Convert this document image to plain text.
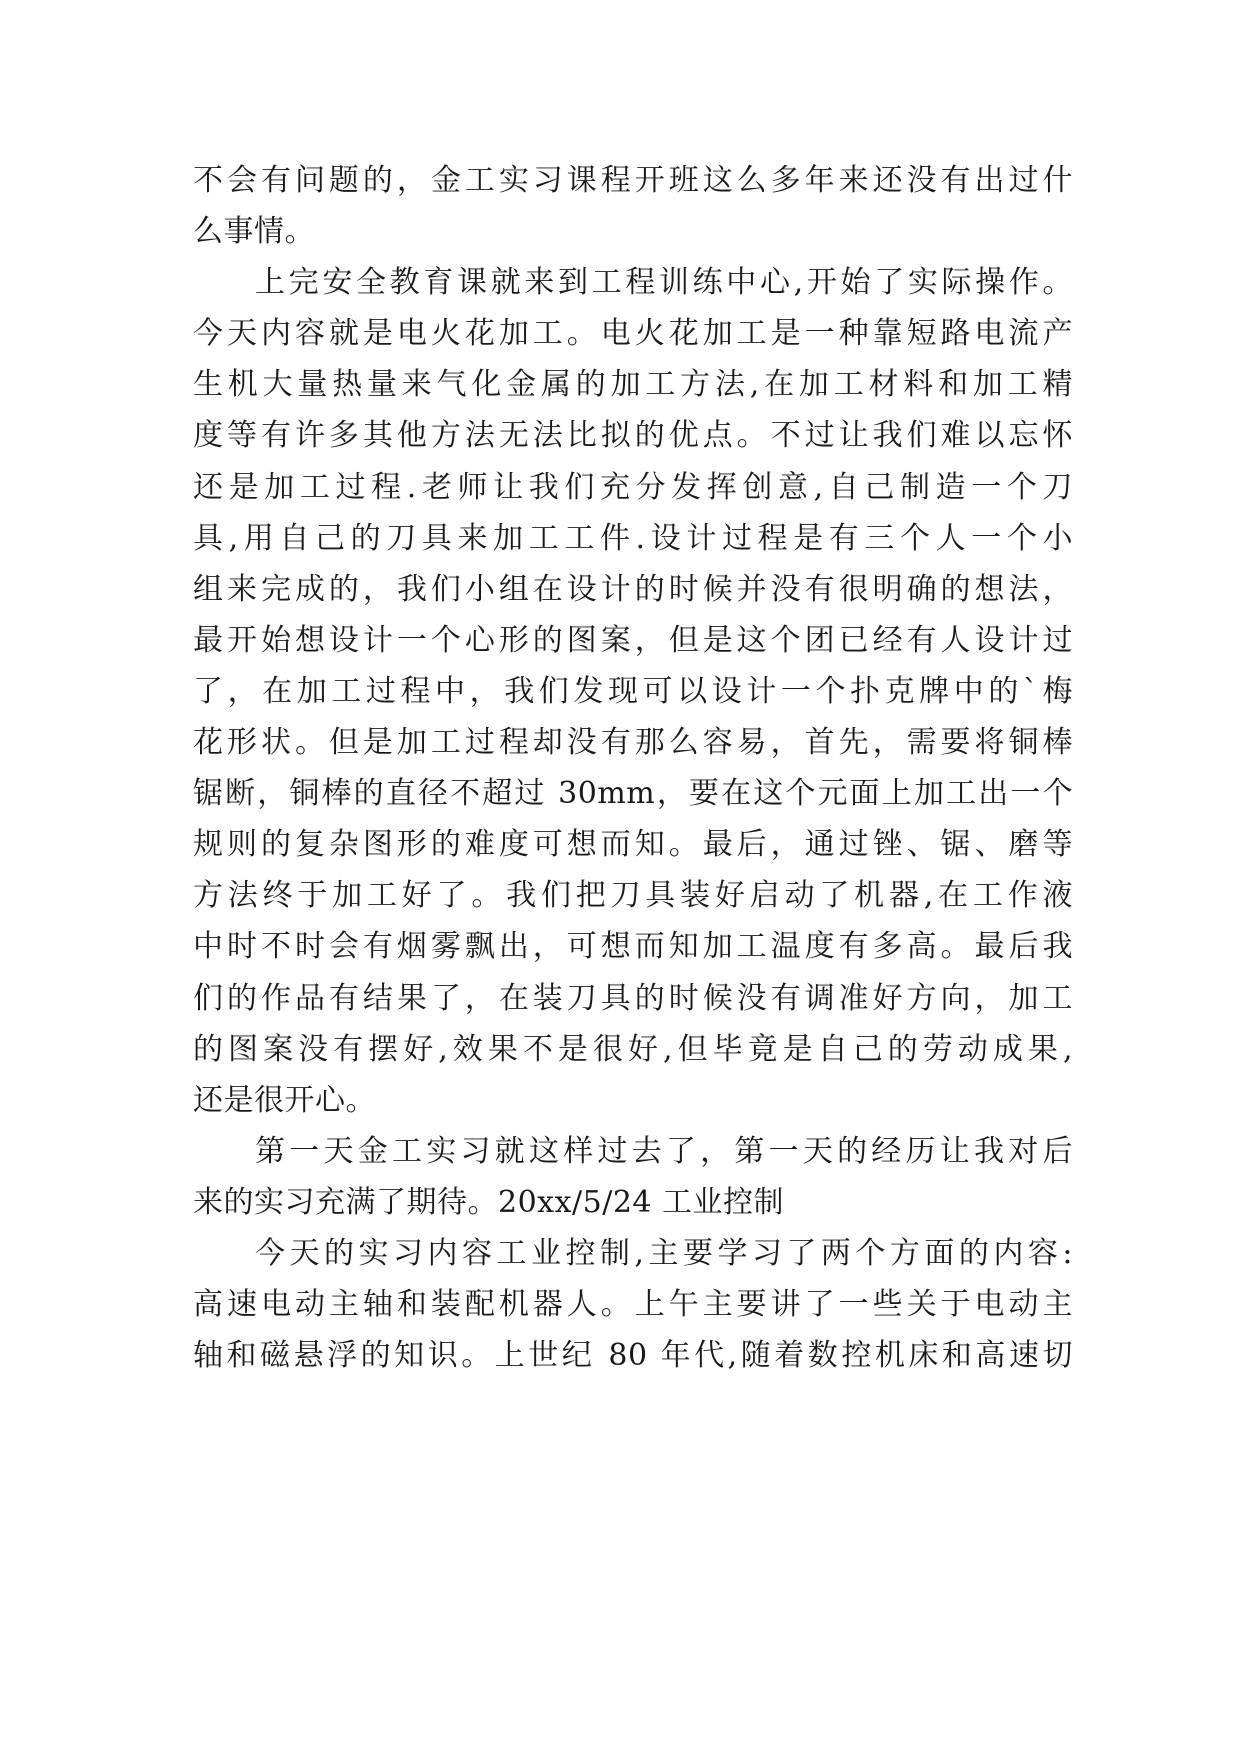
不会有问题的，金工实习课程开班这么多年来还没有出过什
么事情。
上完安全教育课就来到工程训练中心,开始了实际操作。
今天内容就是电火花加工。电火花加工是一种靠短路电流产
生机大量热量来气化金属的加工方法,在加工材料和加工精
度等有许多其他方法无法比拟的优点。不过让我们难以忘怀
还是加工过程.老师让我们充分发挥创意,自己制造一个刀
具,用自己的刀具来加工工件.设计过程是有三个人一个小
组来完成的，我们小组在设计的时候并没有很明确的想法，
最开始想设计一个心形的图案，但是这个团已经有人设计过
了，在加工过程中，我们发现可以设计一个扑克牌中的`梅
花形状。但是加工过程却没有那么容易，首先，需要将铜棒
锯断，铜棒的直径不超过 30mm，要在这个元面上加工出一个
规则的复杂图形的难度可想而知。最后，通过锉、锯、磨等
方法终于加工好了。我们把刀具装好启动了机器,在工作液
中时不时会有烟雾飘出，可想而知加工温度有多高。最后我
们的作品有结果了，在装刀具的时候没有调准好方向，加工
的图案没有摆好,效果不是很好,但毕竟是自己的劳动成果,
还是很开心。
第一天金工实习就这样过去了，第一天的经历让我对后
来的实习充满了期待。20xx/5/24 工业控制
今天的实习内容工业控制,主要学习了两个方面的内容:
高速电动主轴和装配机器人。上午主要讲了一些关于电动主
轴和磁悬浮的知识。上世纪 80 年代,随着数控机床和高速切
